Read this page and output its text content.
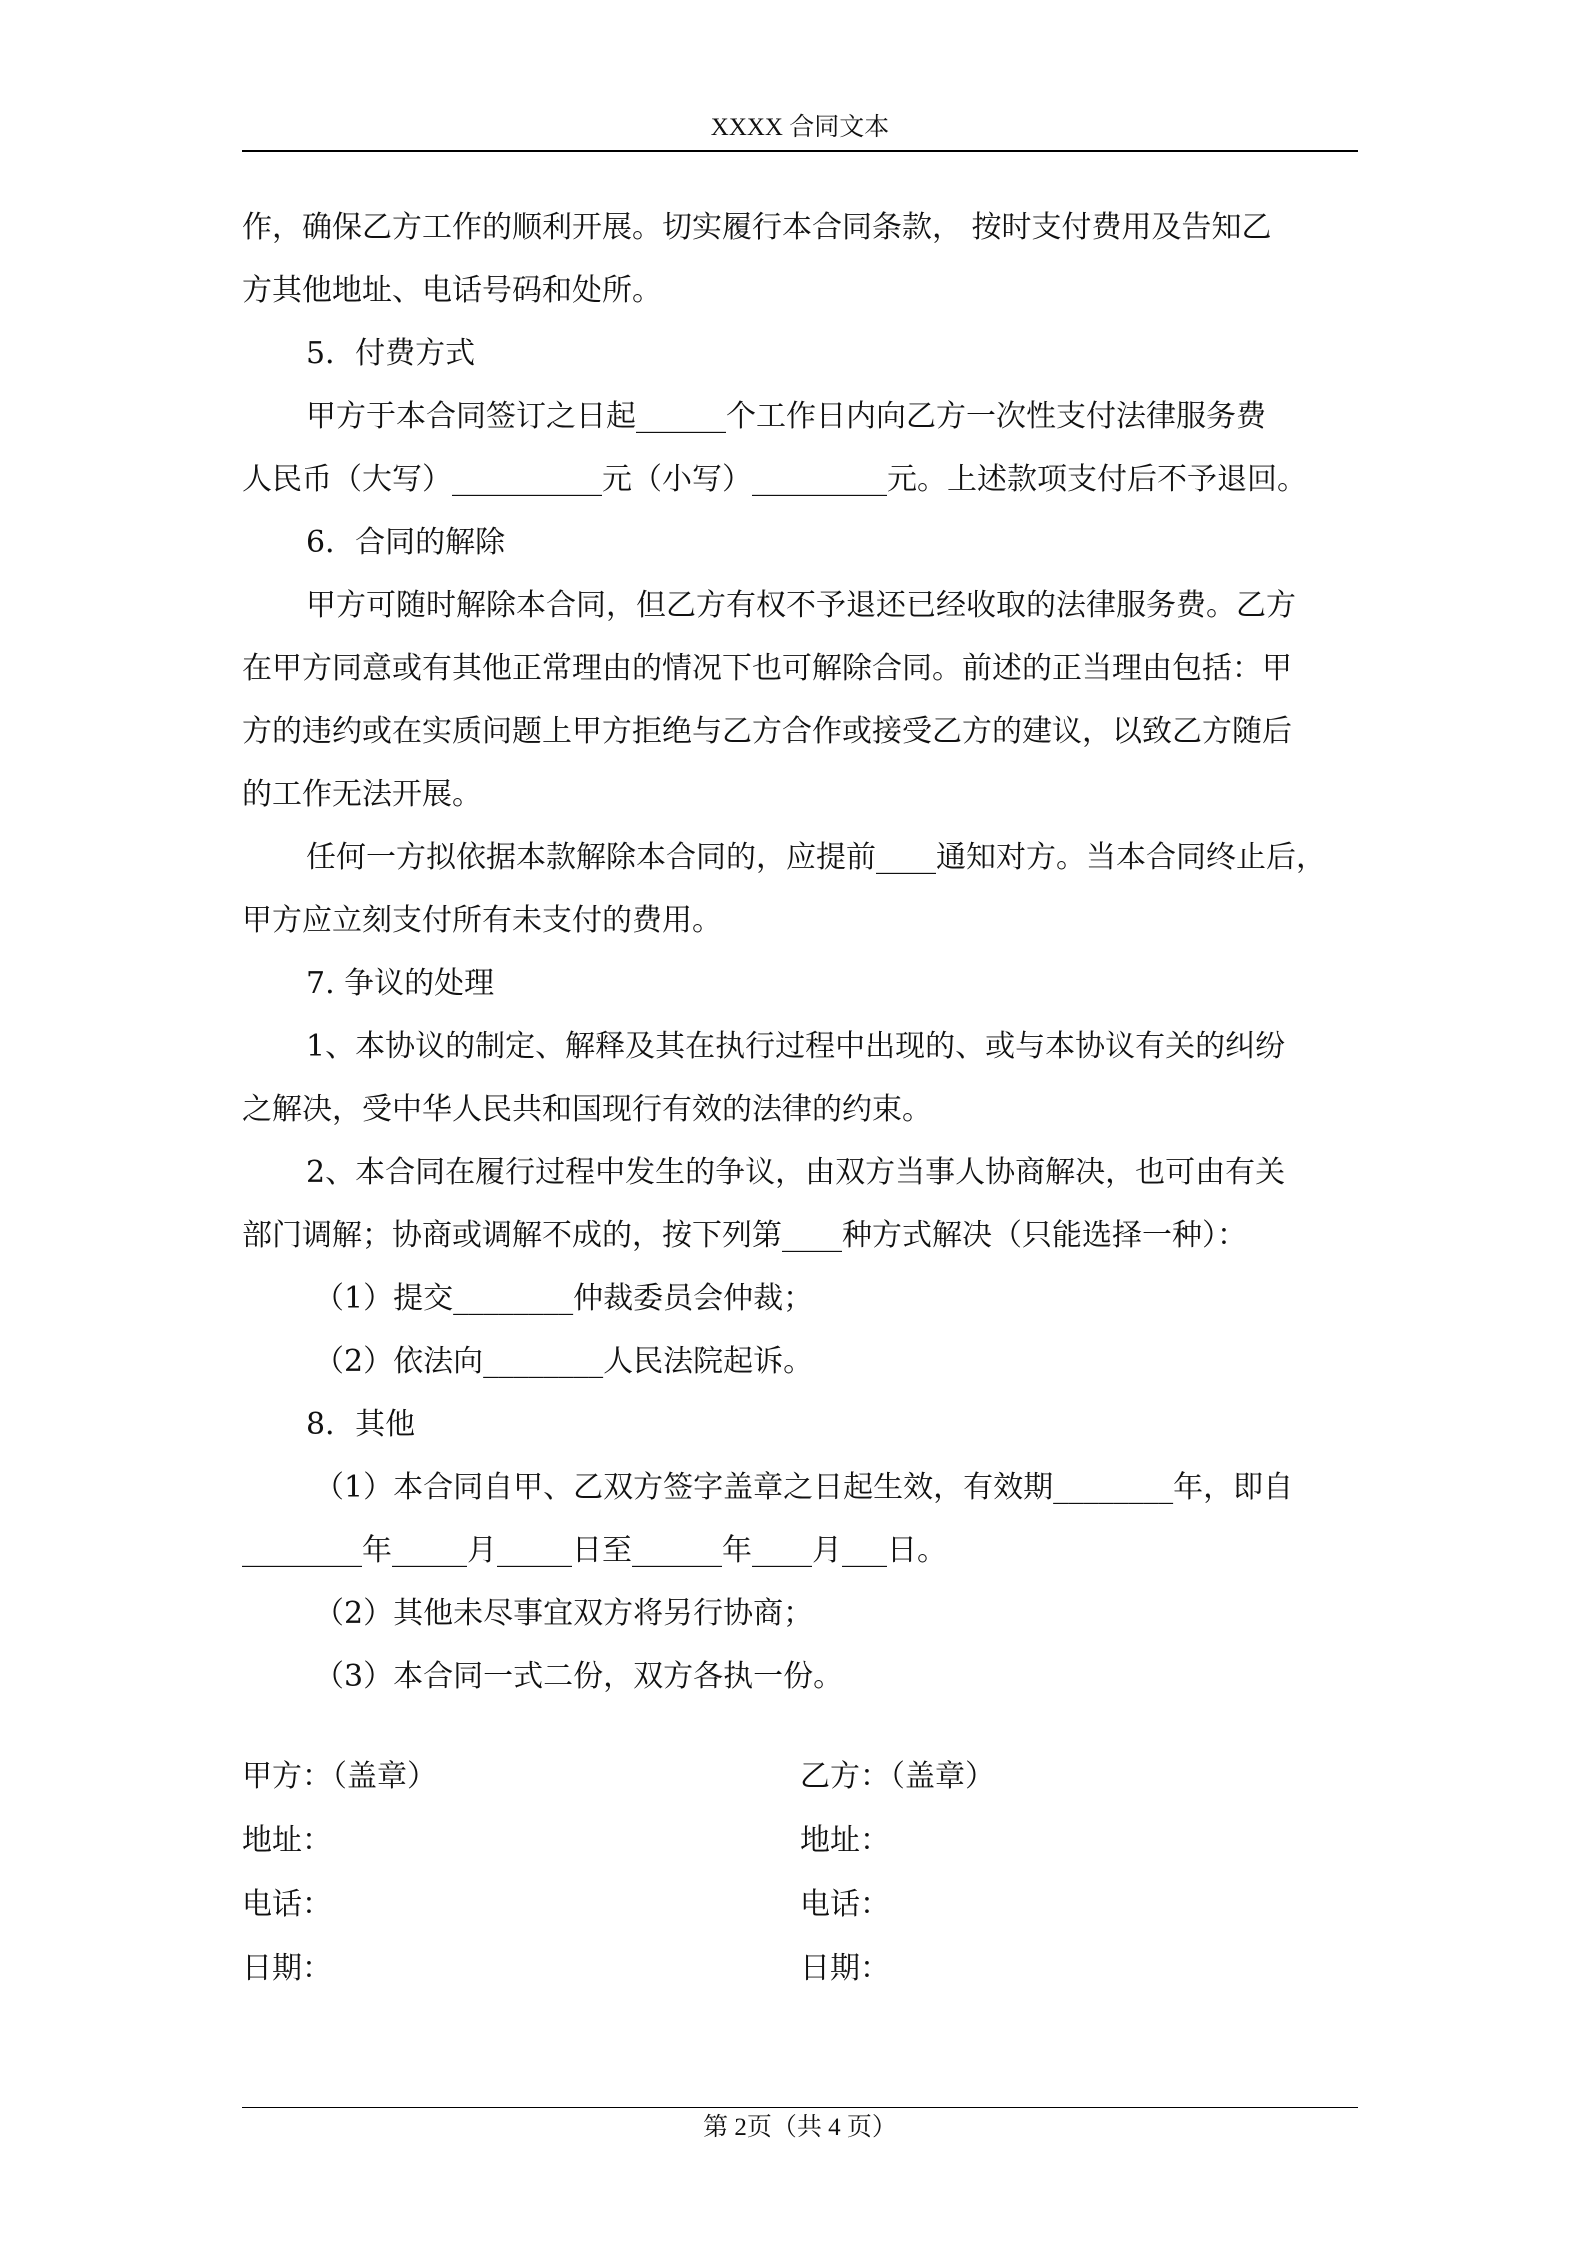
XXXX 合同文本

作，确保乙方工作的顺利开展。切实履行本合同条款， 按时支付费用及告知乙

方其他地址、电话号码和处所。

5．付费方式

甲方于本合同签订之日起______个工作日内向乙方一次性支付法律服务费

人民币（大写）__________元（小写）_________元。上述款项支付后不予退回。

6．合同的解除

甲方可随时解除本合同，但乙方有权不予退还已经收取的法律服务费。乙方

在甲方同意或有其他正常理由的情况下也可解除合同。前述的正当理由包括：甲

方的违约或在实质问题上甲方拒绝与乙方合作或接受乙方的建议，以致乙方随后

的工作无法开展。

任何一方拟依据本款解除本合同的，应提前____通知对方。当本合同终止后，

甲方应立刻支付所有未支付的费用。

7. 争议的处理

1、本协议的制定、解释及其在执行过程中出现的、或与本协议有关的纠纷

之解决，受中华人民共和国现行有效的法律的约束。

2、本合同在履行过程中发生的争议，由双方当事人协商解决，也可由有关

部门调解；协商或调解不成的，按下列第____种方式解决（只能选择一种）：

（1）提交________仲裁委员会仲裁；

（2）依法向________人民法院起诉。

8．其他

（1）本合同自甲、乙双方签字盖章之日起生效，有效期________年，即自

________年_____月_____日至______年____月___日。

（2）其他未尽事宜双方将另行协商；

（3）本合同一式二份，双方各执一份。

甲方：（盖章）
地址：
电话：
日期：
乙方：（盖章）
地址：
电话：
日期：
第 2页（共 4 页）
